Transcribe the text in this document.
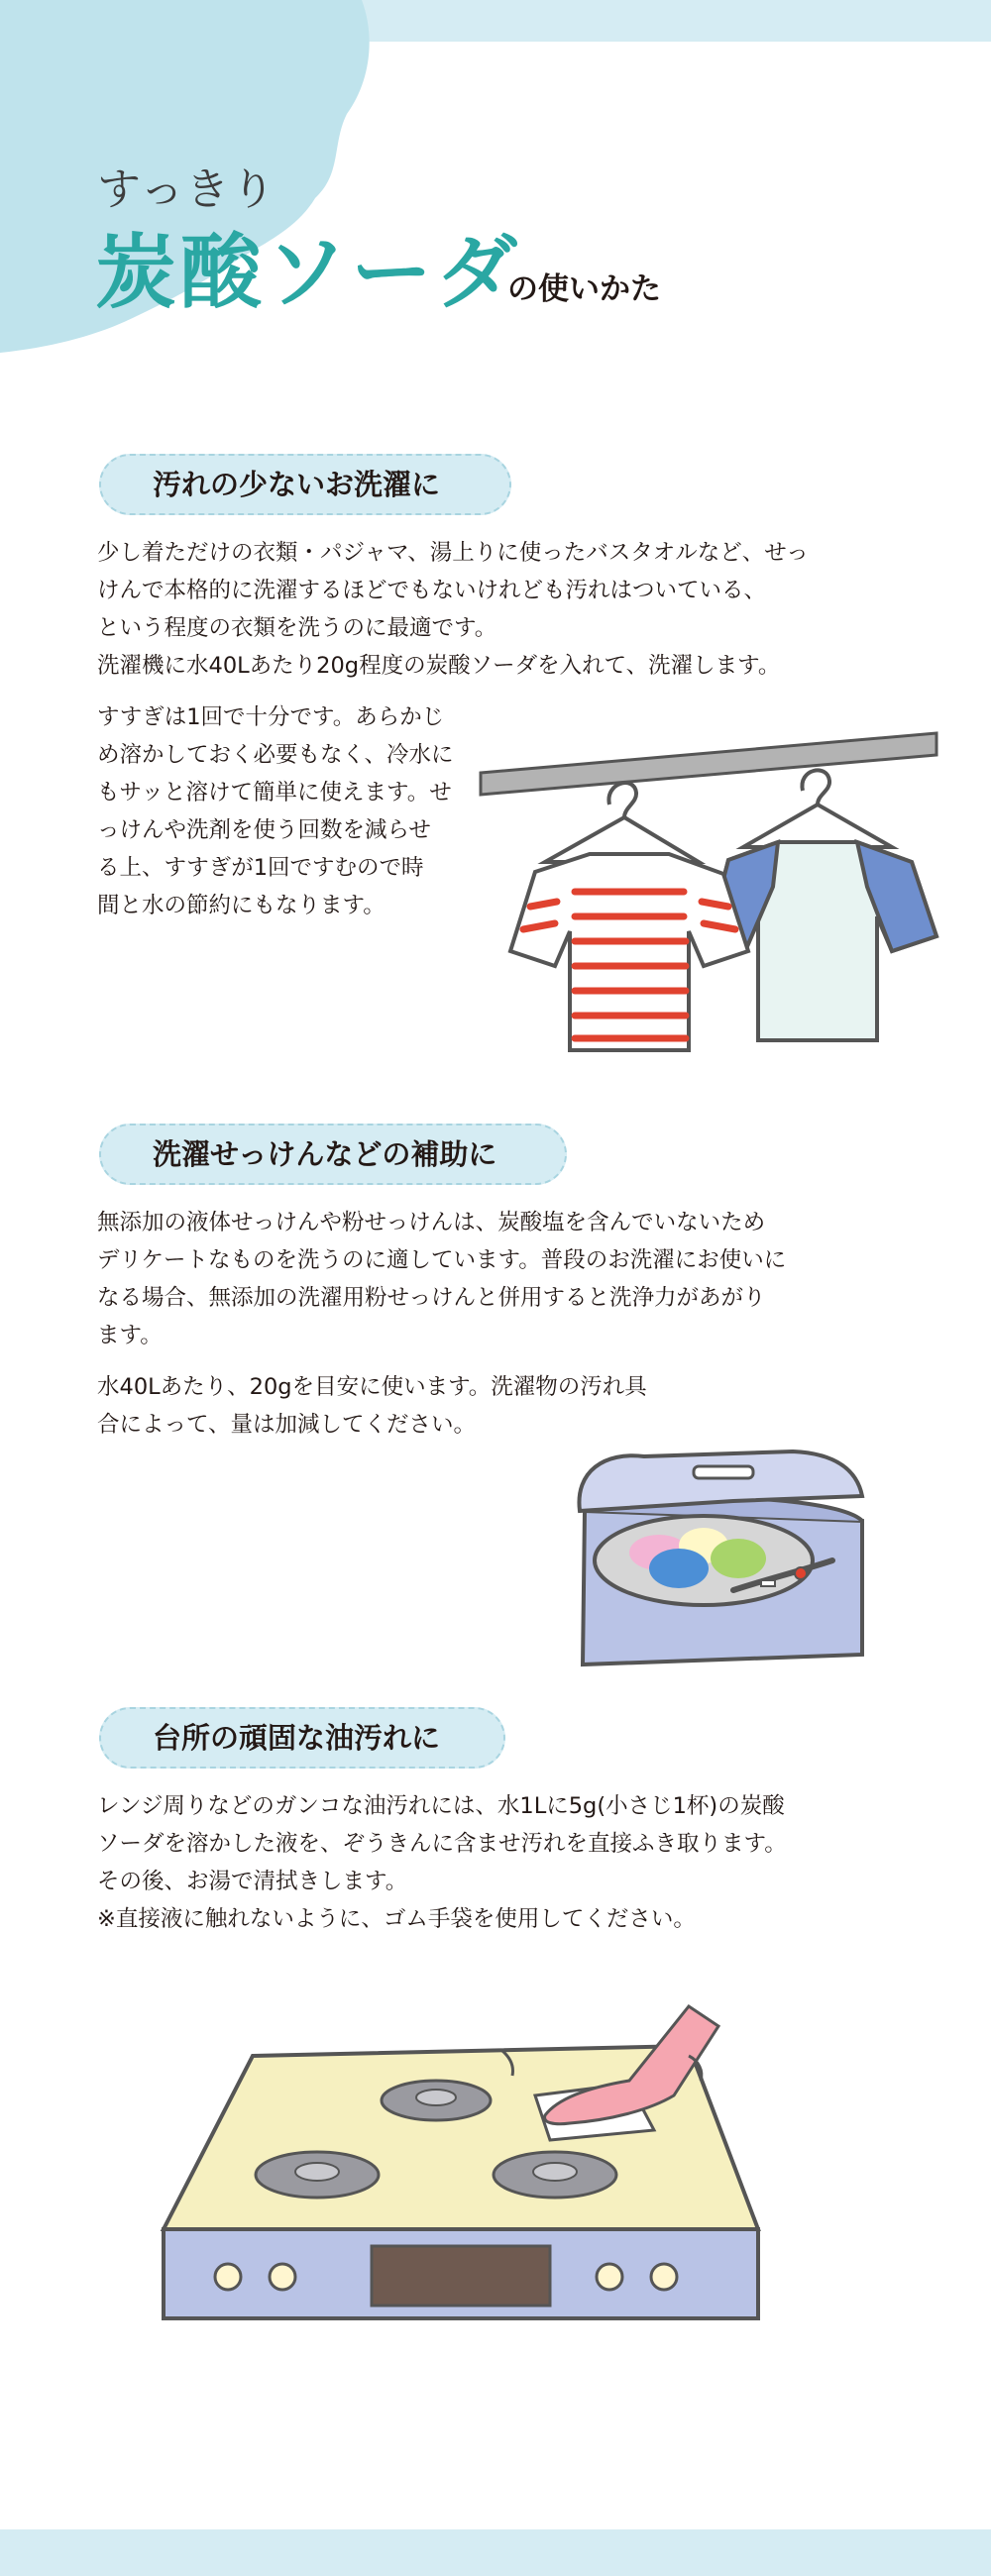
すっきり
炭酸ソーダ
の使いかた
汚れの少ないお洗濯に
少し着ただけの衣類・パジャマ、湯上りに使ったバスタオルなど、せっ
けんで本格的に洗濯するほどでもないけれども汚れはついている、
という程度の衣類を洗うのに最適です。
洗濯機に水40Lあたり20g程度の炭酸ソーダを入れて、洗濯します。
すすぎは1回で十分です。あらかじ
め溶かしておく必要もなく、冷水に
もサッと溶けて簡単に使えます。せ
っけんや洗剤を使う回数を減らせ
る上、すすぎが1回ですむので時
間と水の節約にもなります。
洗濯せっけんなどの補助に
無添加の液体せっけんや粉せっけんは、炭酸塩を含んでいないため
デリケートなものを洗うのに適しています。普段のお洗濯にお使いに
なる場合、無添加の洗濯用粉せっけんと併用すると洗浄力があがり
ます。
水40Lあたり、20gを目安に使います。洗濯物の汚れ具
合によって、量は加減してください。
台所の頑固な油汚れに
レンジ周りなどのガンコな油汚れには、水1Lに5g(小さじ1杯)の炭酸
ソーダを溶かした液を、ぞうきんに含ませ汚れを直接ふき取ります。
その後、お湯で清拭きします。
※直接液に触れないように、ゴム手袋を使用してください。
